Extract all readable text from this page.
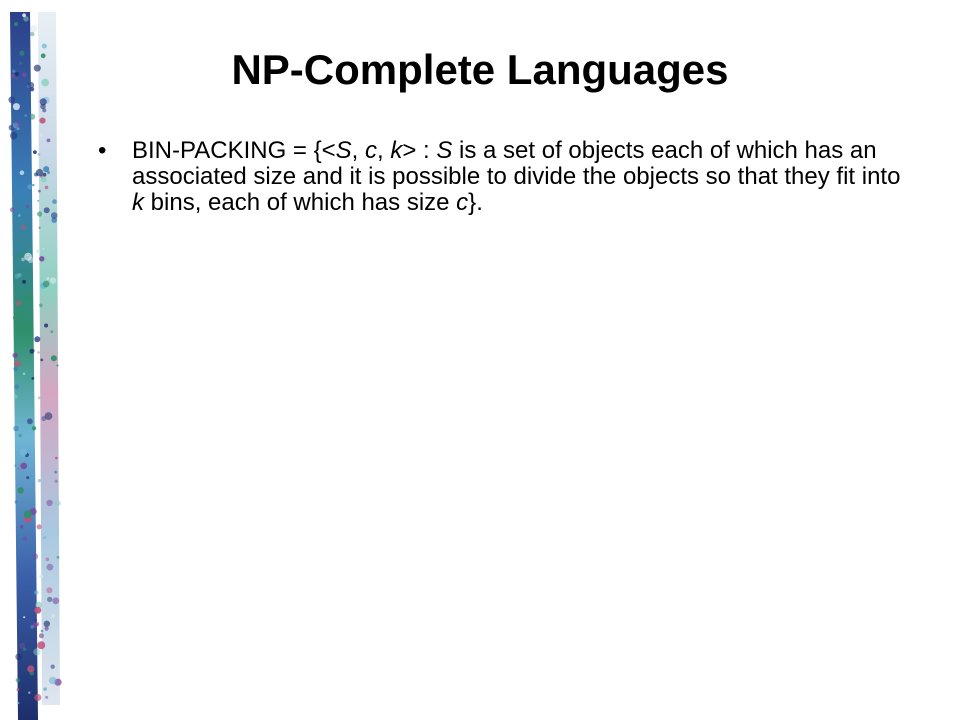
NP-Complete Languages
•	BIN-PACKING = {<S, c, k> : S is a set of objects each of which has an associated size and it is possible to divide the objects so that they fit into k bins, each of which has size c}.
